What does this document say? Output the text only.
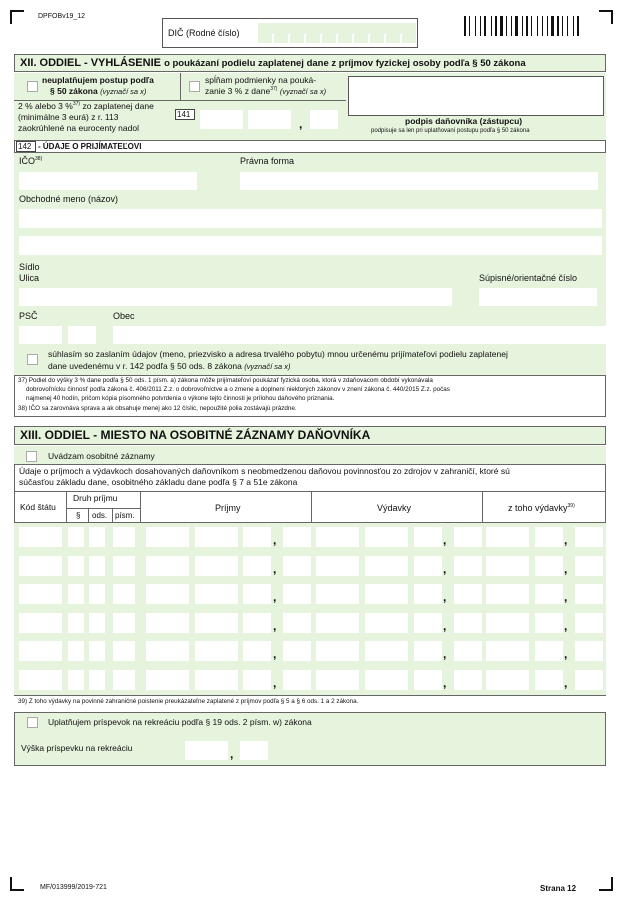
DPFOBv19_12
DIČ (Rodné číslo)
XII. ODDIEL - VYHLÁSENIE o poukázaní podielu zaplatenej dane z príjmov fyzickej osoby podľa § 50 zákona
neuplatňujem postup podľa
§ 50 zákona (vyznačí sa x)
spĺňam podmienky na pouká-
zanie 3 % z dane$^{37)}$ (vyznačí sa x)
podpis daňovníka (zástupcu)
podpisuje sa len pri uplatňovaní postupu podľa § 50 zákona
2 % alebo 3 %$^{37)}$ zo zaplatenej dane
(minimálne 3 eurá) z r. 113
zaokrúhlené na eurocenty nadol
141
,
142 - ÚDAJE O PRIJÍMATEĽOVI
IČO$^{38)}$	Právna forma
Obchodné meno (názov)
Sídlo
Ulica	Súpisné/orientačné číslo
PSČ	Obec
súhlasím so zaslaním údajov (meno, priezvisko a adresa trvalého pobytu) mnou určenému prijímateľovi podielu zaplatenej
dane uvedenému v r. 142 podľa § 50 ods. 8 zákona (vyznačí sa x)
37) Podiel do výšky 3 % dane podľa § 50 ods. 1 písm. a) zákona môže prijímateľovi poukázať fyzická osoba, ktorá v zdaňovacom období vykonávala
dobrovoľnícku činnosť podľa zákona č. 406/2011 Z.z. o dobrovoľníctve a o zmene a doplnení niektorých zákonov v znení zákona č. 440/2015 Z.z. počas
najmenej 40 hodín, pričom kópia písomného potvrdenia o výkone tejto činnosti je prílohou daňového priznania.
38) IČO sa zarovnáva sprava a ak obsahuje menej ako 12 číslic, nepoužité polia zostávajú prázdne.
XIII. ODDIEL - MIESTO NA OSOBITNÉ ZÁZNAMY DAŇOVNÍKA
Uvádzam osobitné záznamy
Údaje o príjmoch a výdavkoch dosahovaných daňovníkom s neobmedzenou daňovou povinnosťou zo zdrojov v zahraničí, ktoré sú
súčasťou základu dane, osobitného základu dane podľa § 7 a 51e zákona
Kód štátu
Druh príjmu
§ ods. písm.
Príjmy	Výdavky	z toho výdavky$^{39)}$
39) Z toho výdavky na povinné zahraničné poistenie preukázateľne zaplatené z príjmov podľa § 5 a § 6 ods. 1 a 2 zákona.
Uplatňujem príspevok na rekreáciu podľa § 19 ods. 2 písm. w) zákona
Výška príspevku na rekreáciu	,
MF/013999/2019-721	Strana 12
,	,	,
,	,	,
,	,	,
,	,	,
,	,	,
,	,	,
